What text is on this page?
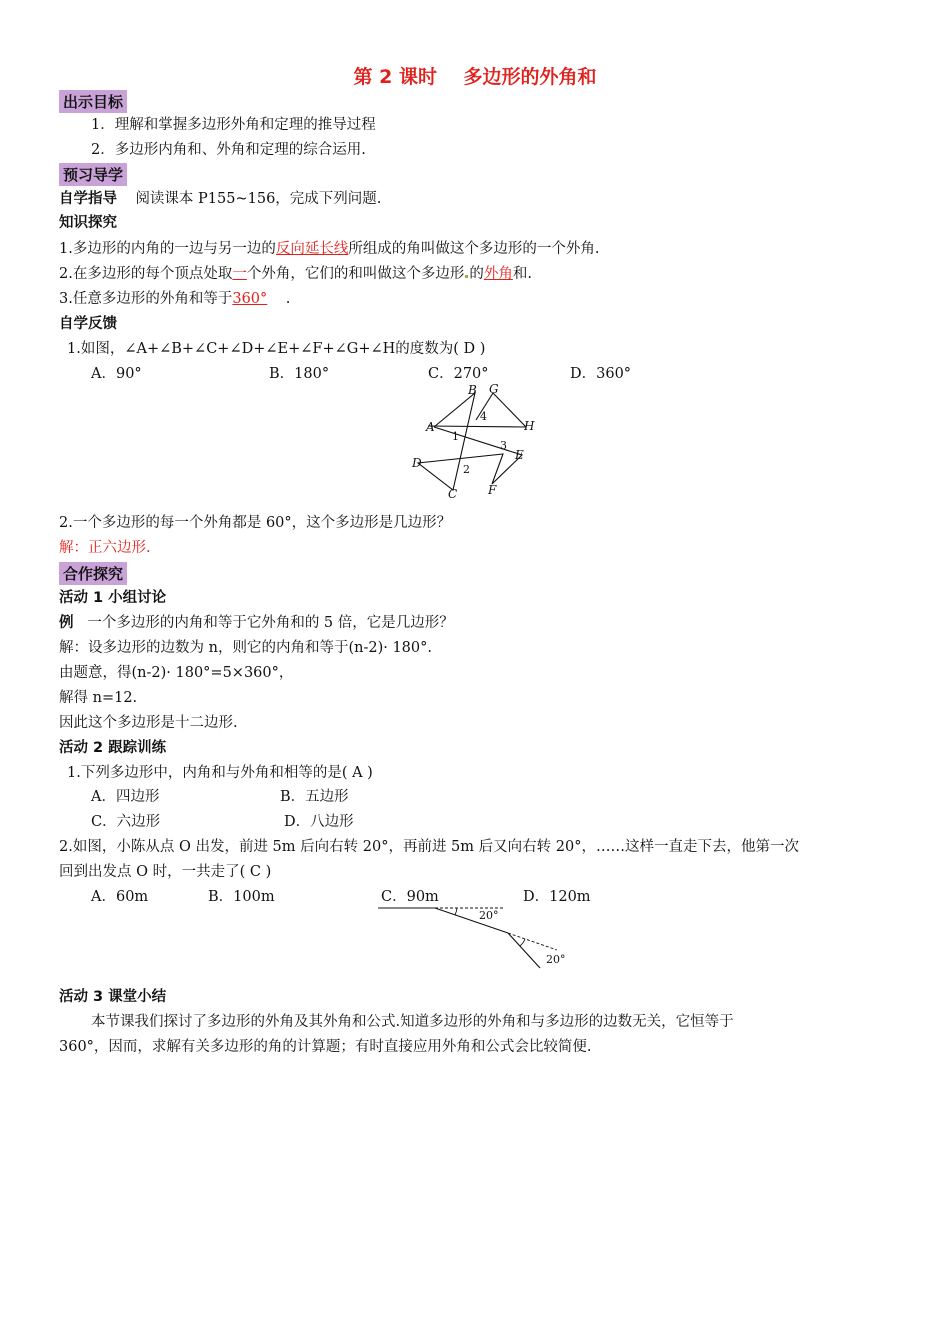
第 2 课时    多边形的外角和
出示目标
1．理解和掌握多边形外角和定理的推导过程
2．多边形内角和、外角和定理的综合运用.
预习导学
自学指导 阅读课本 P155~156，完成下列问题.
知识探究
1.多边形的内角的一边与另一边的反向延长线所组成的角叫做这个多边形的一个外角.
2.在多边形的每个顶点处取一个外角，它们的和叫做这个多边形 的外角和.
3.任意多边形的外角和等于360° .
自学反馈
1.如图，∠A+∠B+∠C+∠D+∠E+∠F+∠G+∠H的度数为( D )
A．90°	B．180°	C．270°	D．360°
A
B
C
D
E
F
G
H
1
2
3
4
2.一个多边形的每一个外角都是 60°，这个多边形是几边形？
解：正六边形.
合作探究
活动 1 小组讨论
例 一个多边形的内角和等于它外角和的 5 倍，它是几边形？
解：设多边形的边数为 n，则它的内角和等于(n-2)· 180°.
由题意，得(n-2)· 180°=5×360°，
解得 n=12.
因此这个多边形是十二边形.
活动 2 跟踪训练
1.下列多边形中，内角和与外角和相等的是( A )
A．四边形	B．五边形
C．六边形	D．八边形
2.如图，小陈从点 O 出发，前进 5m 后向右转 20°，再前进 5m 后又向右转 20°，……这样一直走下去，他第一次
回到出发点 O 时，一共走了( C )
A．60m	B．100m	C．90m	D．120m
20°
20°
活动 3 课堂小结
本节课我们探讨了多边形的外角及其外角和公式.知道多边形的外角和与多边形的边数无关，它恒等于
360°，因而，求解有关多边形的角的计算题；有时直接应用外角和公式会比较简便.
